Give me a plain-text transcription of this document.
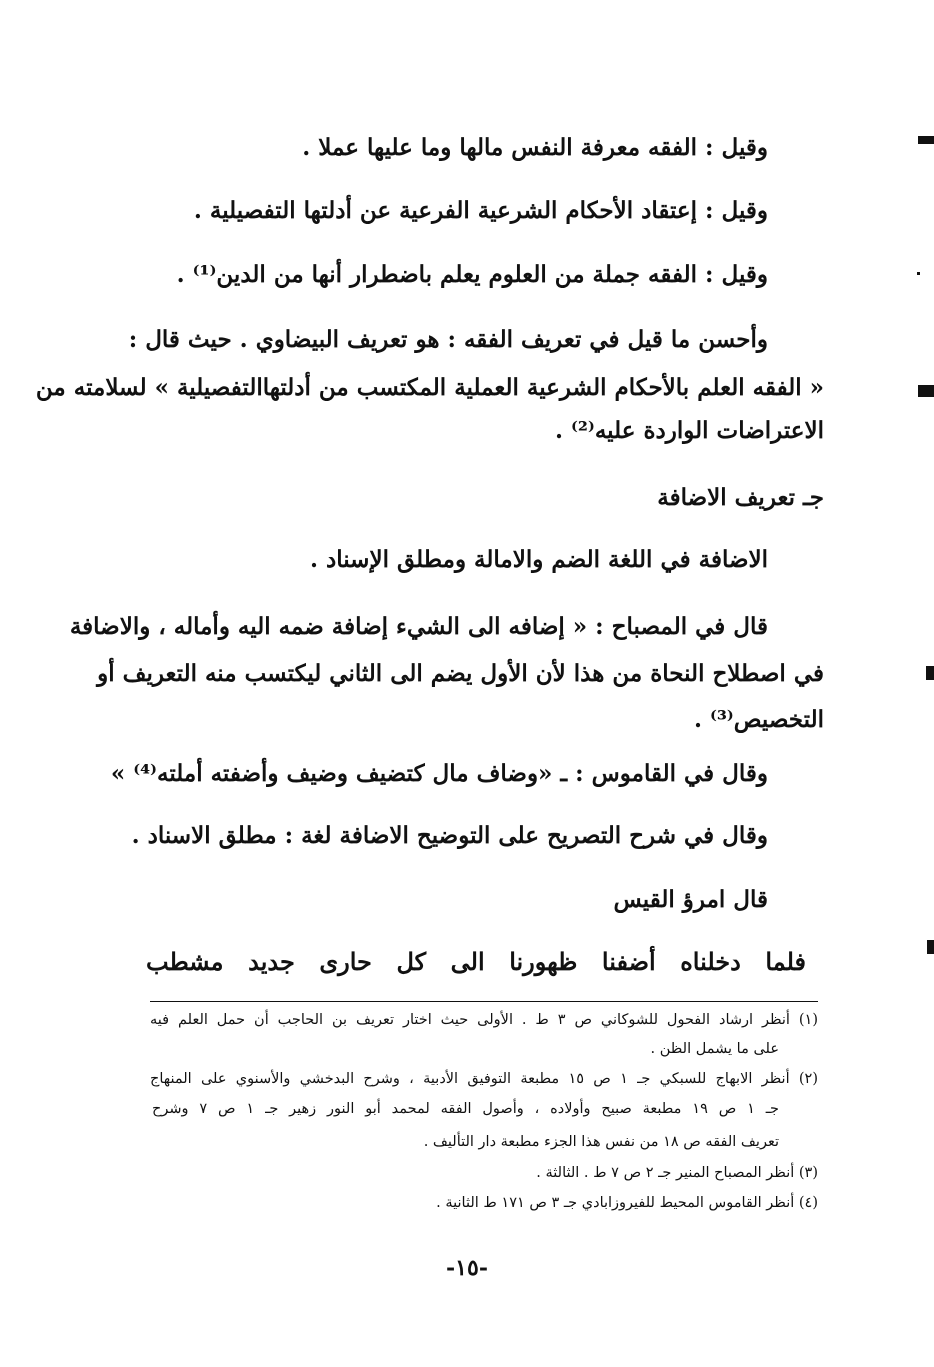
وقيل : الفقه معرفة النفس مالها وما عليها عملا .
وقيل : إعتقاد الأحكام الشرعية الفرعية عن أدلتها التفصيلية .
وقيل : الفقه جملة من العلوم يعلم باضطرار أنها من الدين⁽¹⁾ .
وأحسن ما قيل في تعريف الفقه : هو تعريف البيضاوي . حيث قال :
« الفقه العلم بالأحكام الشرعية العملية المكتسب من أدلتهاالتفصيلية » لسلامته من
الاعتراضات الواردة عليه⁽²⁾ .
جـ تعريف الاضافة
الاضافة في اللغة الضم والامالة ومطلق الإسناد .
قال في المصباح : « إضافه الى الشيء إضافة ضمه اليه وأماله ، والاضافة
في اصطلاح النحاة من هذا لأن الأول يضم الى الثاني ليكتسب منه التعريف أو
التخصيص⁽³⁾ .
وقال في القاموس : ـ «وضاف مال كتضيف وضيف وأضفته أملته⁽⁴⁾ »
وقال في شرح التصريح على التوضيح الاضافة لغة : مطلق الاسناد .
قال امرؤ القيس
فلما دخلناه أضفنا ظهورنا الى كل حارى جديد مشطب
(١) أنظر ارشاد الفحول للشوكاني ص ٣ ط . الأولى حيث اختار تعريف بن الحاجب أن حمل العلم فيه
على ما يشمل الظن .
(٢) أنظر الابهاج للسبكي جـ ١ ص ١٥ مطبعة التوفيق الأدبية ، وشرح البدخشي والأسنوي على المنهاج
جـ ١ ص ١٩ مطبعة صبيح وأولاده ، وأصول الفقه لمحمد أبو النور زهير جـ ١ ص ٧ وشرح
تعريف الفقه ص ١٨ من نفس هذا الجزء مطبعة دار التأليف .
(٣) أنظر المصباح المنير جـ ٢ ص ٧ ط . الثالثة .
(٤) أنظر القاموس المحيط للفيروزابادي جـ ٣ ص ١٧١ ط الثانية .
-١٥-
